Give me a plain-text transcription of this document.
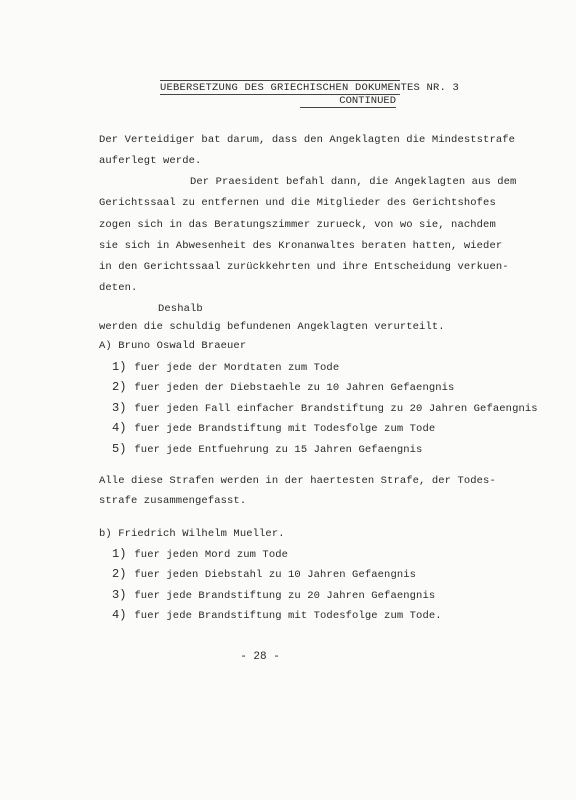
UEBERSETZUNG DES GRIECHISCHEN DOKUMENTES NR. 3
CONTINUED
Der Verteidiger bat darum, dass den Angeklagten die Mindeststrafe
auferlegt werde.
Der Praesident befahl dann, die Angeklagten aus dem
Gerichtssaal zu entfernen und die Mitglieder des Gerichtshofes
zogen sich in das Beratungszimmer zurueck, von wo sie, nachdem
sie sich in Abwesenheit des Kronanwaltes beraten hatten, wieder
in den Gerichtssaal zurückkehrten und ihre Entscheidung verkuen-
deten.
Deshalb
werden die schuldig befundenen Angeklagten verurteilt.
A) Bruno Oswald Braeuer
1) fuer jede der Mordtaten zum Tode
2) fuer jeden der Diebstaehle zu 10 Jahren Gefaengnis
3) fuer jeden Fall einfacher Brandstiftung zu 20 Jahren Gefaengnis
4) fuer jede Brandstiftung mit Todesfolge zum Tode
5) fuer jede Entfuehrung zu 15 Jahren Gefaengnis
Alle diese Strafen werden in der haertesten Strafe, der Todes-
strafe zusammengefasst.
b) Friedrich Wilhelm Mueller.
1) fuer jeden Mord zum Tode
2) fuer jeden Diebstahl zu 10 Jahren Gefaengnis
3) fuer jede Brandstiftung zu 20 Jahren Gefaengnis
4) fuer jede Brandstiftung mit Todesfolge zum Tode.
- 28 -
